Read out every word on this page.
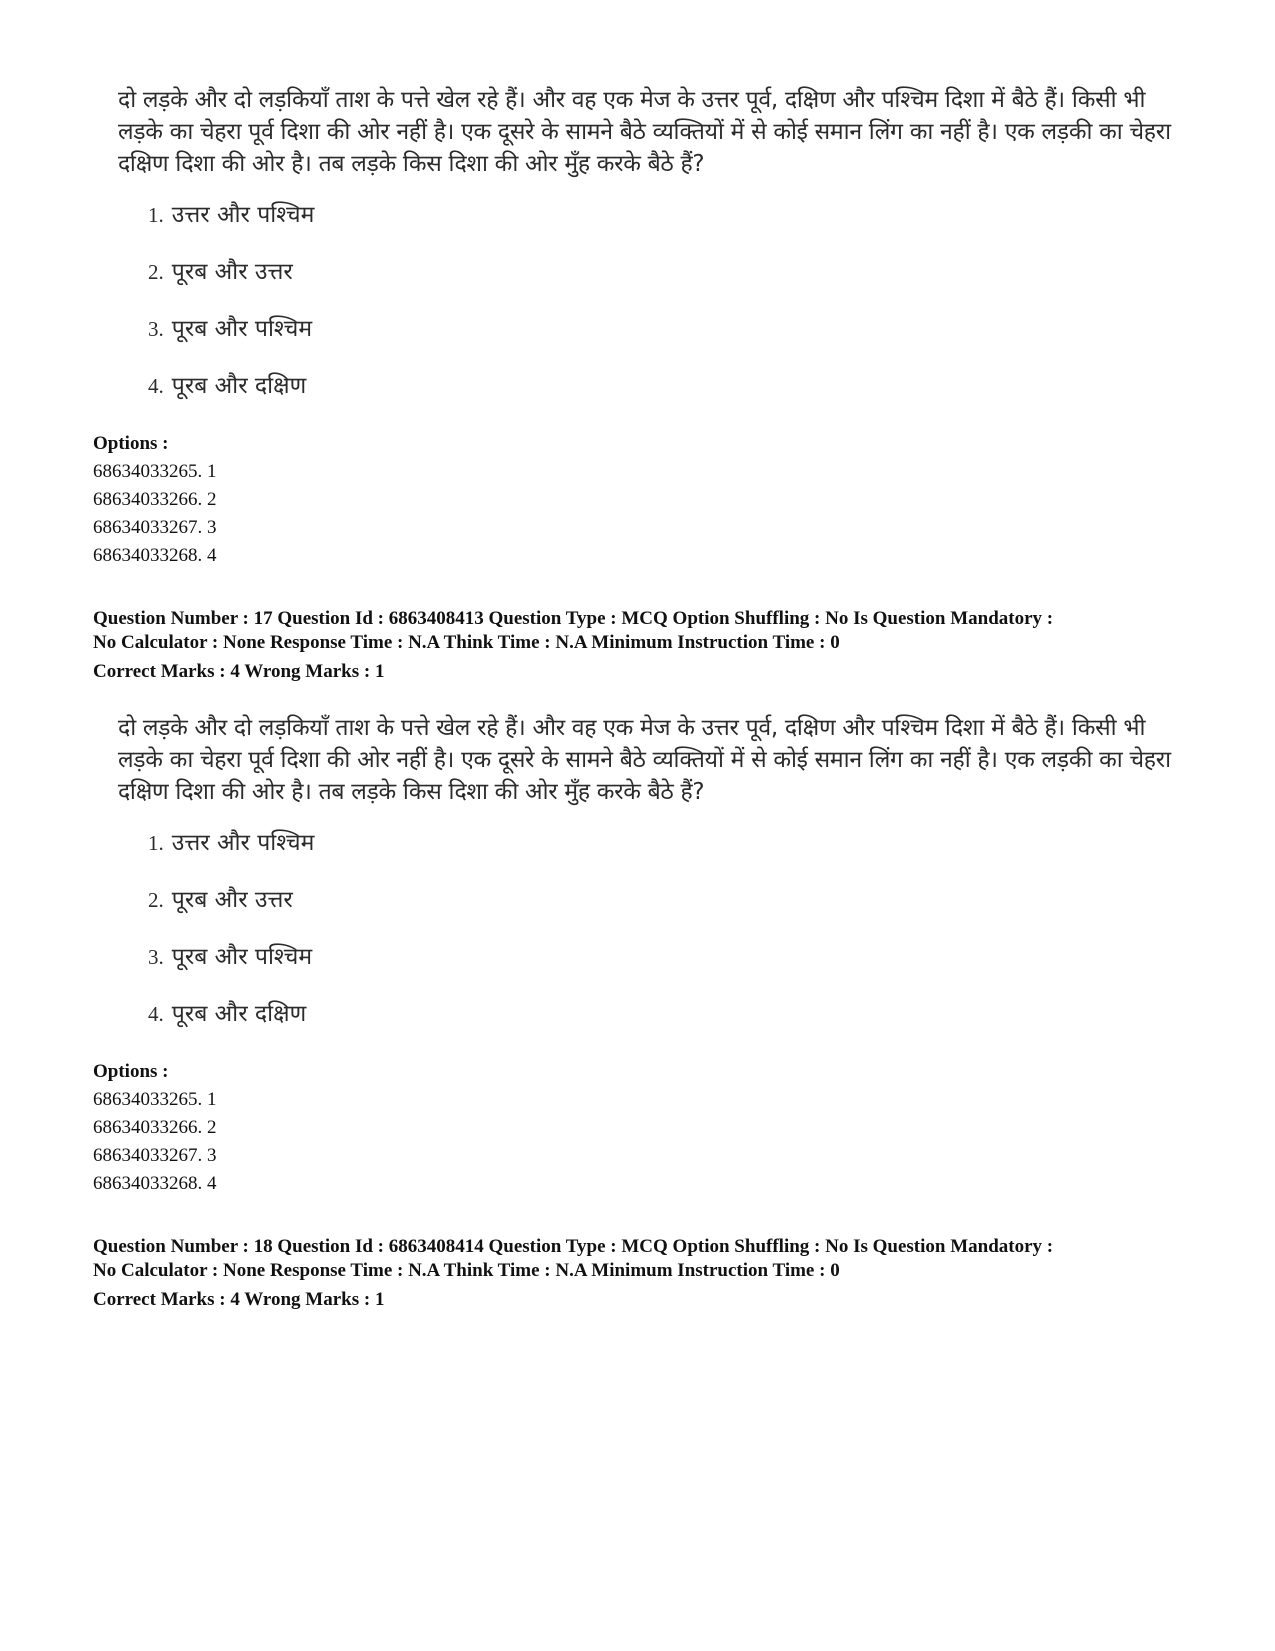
दो लड़के और दो लड़कियाँ ताश के पत्ते खेल रहे हैं। और वह एक मेज के उत्तर पूर्व, दक्षिण और पश्चिम दिशा में बैठे हैं। किसी भी लड़के का चेहरा पूर्व दिशा की ओर नहीं है। एक दूसरे के सामने बैठे व्यक्तियों में से कोई समान लिंग का नहीं है। एक लड़की का चेहरा दक्षिण दिशा की ओर है। तब लड़के किस दिशा की ओर मुँह करके बैठे हैं?

1. उत्तर और पश्चिम
2. पूरब और उत्तर
3. पूरब और पश्चिम
4. पूरब और दक्षिण
Options :
68634033265. 1
68634033266. 2
68634033267. 3
68634033268. 4
Question Number : 17 Question Id : 6863408413 Question Type : MCQ Option Shuffling : No Is Question Mandatory :
No Calculator : None Response Time : N.A Think Time : N.A Minimum Instruction Time : 0
Correct Marks : 4 Wrong Marks : 1

दो लड़के और दो लड़कियाँ ताश के पत्ते खेल रहे हैं। और वह एक मेज के उत्तर पूर्व, दक्षिण और पश्चिम दिशा में बैठे हैं। किसी भी लड़के का चेहरा पूर्व दिशा की ओर नहीं है। एक दूसरे के सामने बैठे व्यक्तियों में से कोई समान लिंग का नहीं है। एक लड़की का चेहरा दक्षिण दिशा की ओर है। तब लड़के किस दिशा की ओर मुँह करके बैठे हैं?

1. उत्तर और पश्चिम
2. पूरब और उत्तर
3. पूरब और पश्चिम
4. पूरब और दक्षिण
Options :
68634033265. 1
68634033266. 2
68634033267. 3
68634033268. 4
Question Number : 18 Question Id : 6863408414 Question Type : MCQ Option Shuffling : No Is Question Mandatory :
No Calculator : None Response Time : N.A Think Time : N.A Minimum Instruction Time : 0
Correct Marks : 4 Wrong Marks : 1
